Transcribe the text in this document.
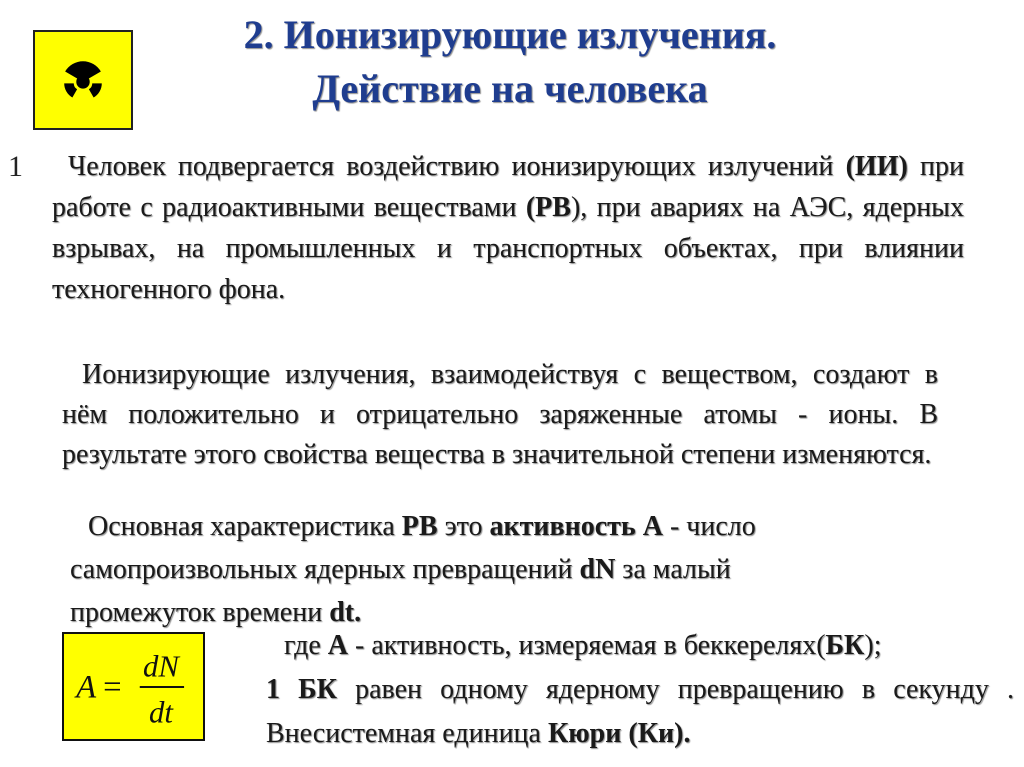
2. Ионизирующие излучения.
Действие на человека
1	Человек подвергается воздействию ионизирующих излучений (ИИ) при работе с радиоактивными веществами (РВ), при авариях на АЭС, ядерных взрывах, на промышленных и транспортных объектах, при влиянии техногенного фона.
Ионизирующие излучения, взаимодействуя с веществом, создают в нём положительно и отрицательно заряженные атомы - ионы. В результате этого свойства вещества в значительной степени изменяются.
Основная характеристика РВ это активность А - число самопроизвольных ядерных превращений dN за малый промежуток времени dt.
A =
dN
dt
где А - активность, измеряемая в беккерелях(БК);
1 БК равен одному ядерному превращению в секунду . Внесистемная единица Кюри (Ки).
